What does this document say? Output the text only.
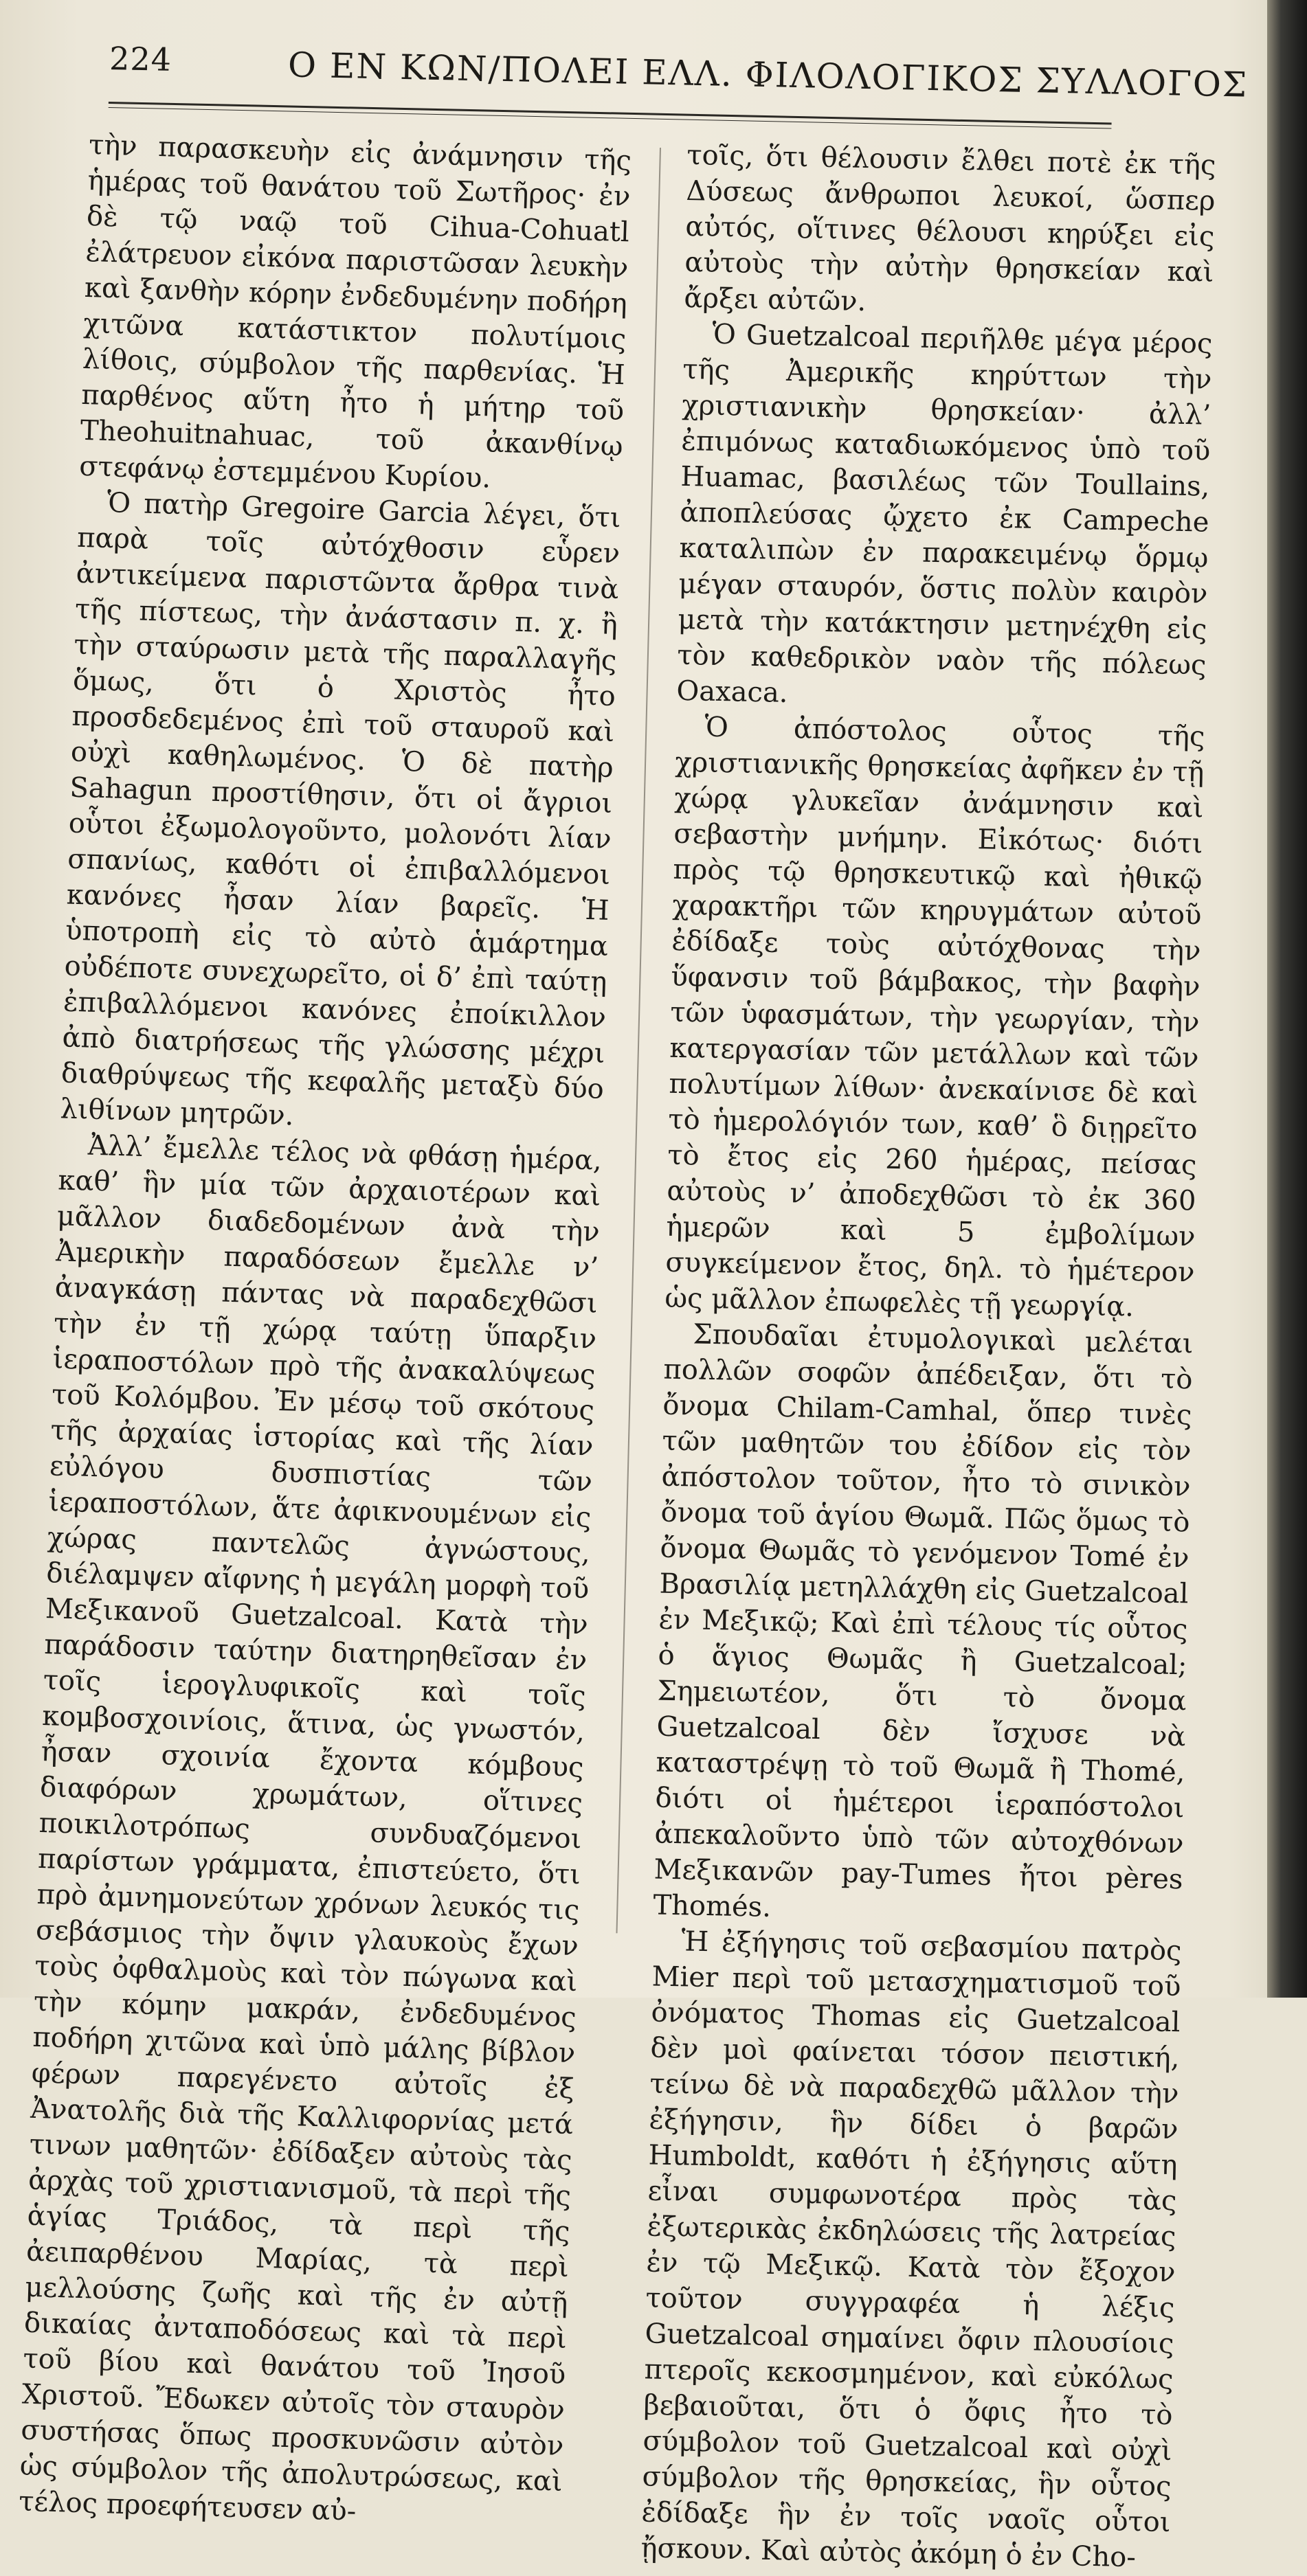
224	Ο ΕΝ ΚΩΝ/ΠΟΛΕΙ ΕΛΛ. ΦΙΛΟΛΟΓΙΚΟΣ ΣΥΛΛΟΓΟΣ

τὴν παρασκευὴν εἰς ἀνάμνησιν τῆς ἡμέρας τοῦ θανάτου τοῦ Σωτῆρος· ἐν δὲ τῷ ναῷ τοῦ Cihua-Cohuatl ἐλάτρευον εἰκόνα παριστῶσαν λευκὴν καὶ ξανθὴν κόρην ἐνδεδυμένην ποδήρη χιτῶνα κατάστικτον πολυτίμοις λίθοις, σύμβολον τῆς παρθενίας. Ἡ παρθένος αὕτη ἦτο ἡ μήτηρ τοῦ Theohuitnahuac, τοῦ ἀκανθίνῳ στεφάνῳ ἐστεμμένου Κυρίου.

Ὁ πατὴρ Gregoire Garcia λέγει, ὅτι παρὰ τοῖς αὐτόχθοσιν εὗρεν ἀντικείμενα παριστῶντα ἄρθρα τινὰ τῆς πίστεως, τὴν ἀνάστασιν π. χ. ἢ τὴν σταύρωσιν μετὰ τῆς παραλλαγῆς ὅμως, ὅτι ὁ Χριστὸς ἦτο προσδεδεμένος ἐπὶ τοῦ σταυροῦ καὶ οὐχὶ καθηλωμένος. Ὁ δὲ πατὴρ Sahagun προστίθησιν, ὅτι οἱ ἄγριοι οὗτοι ἐξωμολογοῦντο, μολονότι λίαν σπανίως, καθότι οἱ ἐπιβαλλόμενοι κανόνες ἦσαν λίαν βαρεῖς. Ἡ ὑποτροπὴ εἰς τὸ αὐτὸ ἁμάρτημα οὐδέποτε συνεχωρεῖτο, οἱ δ’ ἐπὶ ταύτῃ ἐπιβαλλόμενοι κανόνες ἐποίκιλλον ἀπὸ διατρήσεως τῆς γλώσσης μέχρι διαθρύψεως τῆς κεφαλῆς μεταξὺ δύο λιθίνων μητρῶν.

Ἀλλ’ ἔμελλε τέλος νὰ φθάσῃ ἡμέρα, καθ’ ἣν μία τῶν ἀρχαιοτέρων καὶ μᾶλλον διαδεδομένων ἀνὰ τὴν Ἀμερικὴν παραδόσεων ἔμελλε ν’ ἀναγκάσῃ πάντας νὰ παραδεχθῶσι τὴν ἐν τῇ χώρᾳ ταύτῃ ὕπαρξιν ἱεραποστόλων πρὸ τῆς ἀνακαλύψεως τοῦ Κολόμβου. Ἐν μέσῳ τοῦ σκότους τῆς ἀρχαίας ἱστορίας καὶ τῆς λίαν εὐλόγου δυσπιστίας τῶν ἱεραποστόλων, ἅτε ἀφικνουμένων εἰς χώρας παντελῶς ἀγνώστους, διέλαμψεν αἴφνης ἡ μεγάλη μορφὴ τοῦ Μεξικανοῦ Guetzalcoal. Κατὰ τὴν παράδοσιν ταύτην διατηρηθεῖσαν ἐν τοῖς ἱερογλυφικοῖς καὶ τοῖς κομβοσχοινίοις, ἅτινα, ὡς γνωστόν, ἦσαν σχοινία ἔχοντα κόμβους διαφόρων χρωμάτων, οἵτινες ποικιλοτρόπως συνδυαζόμενοι παρίστων γράμματα, ἐπιστεύετο, ὅτι πρὸ ἀμνημονεύτων χρόνων λευκός τις σεβάσμιος τὴν ὄψιν γλαυκοὺς ἔχων τοὺς ὀφθαλμοὺς καὶ τὸν πώγωνα καὶ τὴν κόμην μακράν, ἐνδεδυμένος ποδήρη χιτῶνα καὶ ὑπὸ μάλης βίβλον φέρων παρεγένετο αὐτοῖς ἐξ Ἀνατολῆς διὰ τῆς Καλλιφορνίας μετά τινων μαθητῶν· ἐδίδαξεν αὐτοὺς τὰς ἀρχὰς τοῦ χριστιανισμοῦ, τὰ περὶ τῆς ἁγίας Τριάδος, τὰ περὶ τῆς ἀειπαρθένου Μαρίας, τὰ περὶ μελλούσης ζωῆς καὶ τῆς ἐν αὐτῇ δικαίας ἀνταποδόσεως καὶ τὰ περὶ τοῦ βίου καὶ θανάτου τοῦ Ἰησοῦ Χριστοῦ. Ἔδωκεν αὐτοῖς τὸν σταυρὸν συστήσας ὅπως προσκυνῶσιν αὐτὸν ὡς σύμβολον τῆς ἀπολυτρώσεως, καὶ τέλος προεφήτευσεν αὐ-

τοῖς, ὅτι θέλουσιν ἔλθει ποτὲ ἐκ τῆς Δύσεως ἄνθρωποι λευκοί, ὥσπερ αὐτός, οἵτινες θέλουσι κηρύξει εἰς αὐτοὺς τὴν αὐτὴν θρησκείαν καὶ ἄρξει αὐτῶν.

Ὁ Guetzalcoal περιῆλθε μέγα μέρος τῆς Ἀμερικῆς κηρύττων τὴν χριστιανικὴν θρησκείαν· ἀλλ’ ἐπιμόνως καταδιωκόμενος ὑπὸ τοῦ Huamac, βασιλέως τῶν Toullains, ἀποπλεύσας ᾤχετο ἐκ Campeche καταλιπὼν ἐν παρακειμένῳ ὅρμῳ μέγαν σταυρόν, ὅστις πολὺν καιρὸν μετὰ τὴν κατάκτησιν μετηνέχθη εἰς τὸν καθεδρικὸν ναὸν τῆς πόλεως Oaxaca.

Ὁ ἀπόστολος οὗτος τῆς χριστιανικῆς θρησκείας ἀφῆκεν ἐν τῇ χώρᾳ γλυκεῖαν ἀνάμνησιν καὶ σεβαστὴν μνήμην. Εἰκότως· διότι πρὸς τῷ θρησκευτικῷ καὶ ἠθικῷ χαρακτῆρι τῶν κηρυγμάτων αὐτοῦ ἐδίδαξε τοὺς αὐτόχθονας τὴν ὕφανσιν τοῦ βάμβακος, τὴν βαφὴν τῶν ὑφασμάτων, τὴν γεωργίαν, τὴν κατεργασίαν τῶν μετάλλων καὶ τῶν πολυτίμων λίθων· ἀνεκαίνισε δὲ καὶ τὸ ἡμερολόγιόν των, καθ’ ὃ διῃρεῖτο τὸ ἔτος εἰς 260 ἡμέρας, πείσας αὐτοὺς ν’ ἀποδεχθῶσι τὸ ἐκ 360 ἡμερῶν καὶ 5 ἐμβολίμων συγκείμενον ἔτος, δηλ. τὸ ἡμέτερον ὡς μᾶλλον ἐπωφελὲς τῇ γεωργίᾳ.

Σπουδαῖαι ἐτυμολογικαὶ μελέται πολλῶν σοφῶν ἀπέδειξαν, ὅτι τὸ ὄνομα Chilam-Camhal, ὅπερ τινὲς τῶν μαθητῶν του ἐδίδον εἰς τὸν ἀπόστολον τοῦτον, ἦτο τὸ σινικὸν ὄνομα τοῦ ἁγίου Θωμᾶ. Πῶς ὅμως τὸ ὄνομα Θωμᾶς τὸ γενόμενον Tomé ἐν Βρασιλίᾳ μετηλλάχθη εἰς Guetzalcoal ἐν Μεξικῷ; Καὶ ἐπὶ τέλους τίς οὗτος ὁ ἅγιος Θωμᾶς ἢ Guetzalcoal; Σημειωτέον, ὅτι τὸ ὄνομα Guetzalcoal δὲν ἴσχυσε νὰ καταστρέψῃ τὸ τοῦ Θωμᾶ ἢ Thomé, διότι οἱ ἡμέτεροι ἱεραπόστολοι ἀπεκαλοῦντο ὑπὸ τῶν αὐτοχθόνων Μεξικανῶν pay-Tumes ἤτοι pères Thomés.

Ἡ ἐξήγησις τοῦ σεβασμίου πατρὸς Mier περὶ τοῦ μετασχηματισμοῦ τοῦ ὀνόματος Thomas εἰς Guetzalcoal δὲν μοὶ φαίνεται τόσον πειστική, τείνω δὲ νὰ παραδεχθῶ μᾶλλον τὴν ἐξήγησιν, ἣν δίδει ὁ βαρῶν Humboldt, καθότι ἡ ἐξήγησις αὕτη εἶναι συμφωνοτέρα πρὸς τὰς ἐξωτερικὰς ἐκδηλώσεις τῆς λατρείας ἐν τῷ Μεξικῷ. Κατὰ τὸν ἔξοχον τοῦτον συγγραφέα ἡ λέξις Guetzalcoal σημαίνει ὄφιν πλουσίοις πτεροῖς κεκοσμημένον, καὶ εὐκόλως βεβαιοῦται, ὅτι ὁ ὄφις ἦτο τὸ σύμβολον τοῦ Guetzalcoal καὶ οὐχὶ σύμβολον τῆς θρησκείας, ἣν οὗτος ἐδίδαξε ἣν ἐν τοῖς ναοῖς οὗτοι ᾔσκουν. Καὶ αὐτὸς ἀκόμη ὁ ἐν Cho-
